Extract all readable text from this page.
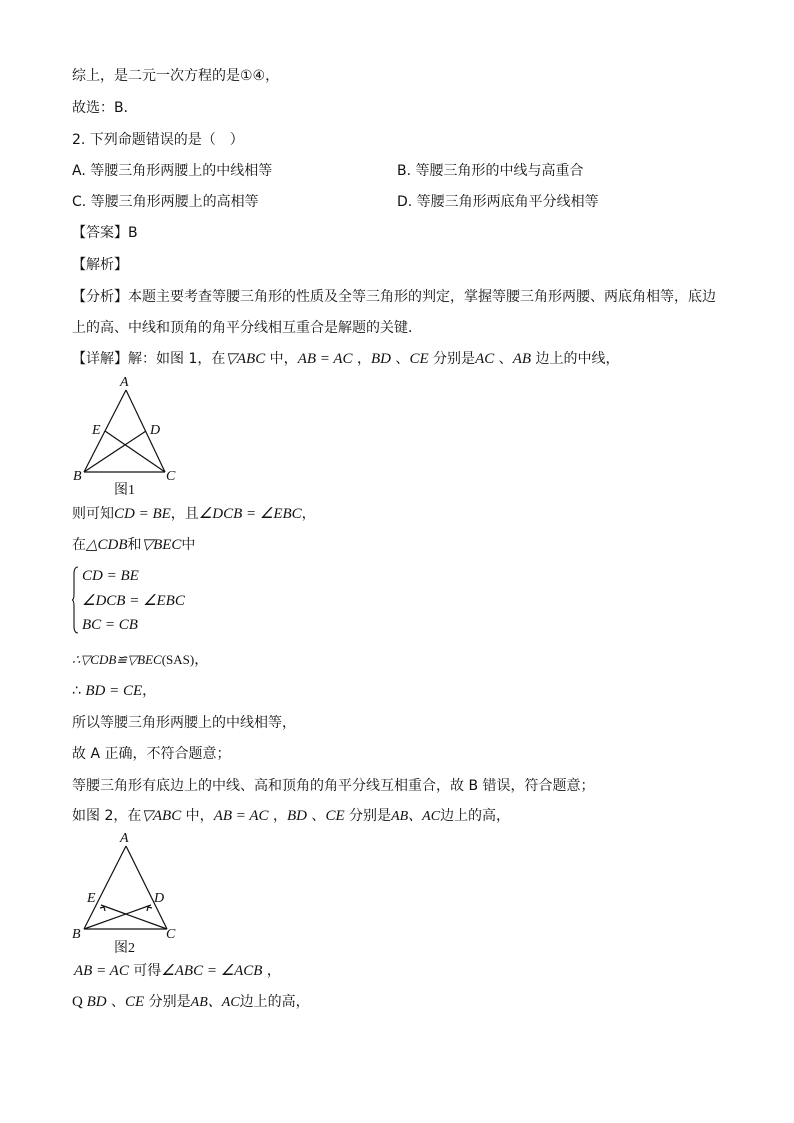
综上，是二元一次方程的是①④，
故选：B．
2. 下列命题错误的是（　）
A. 等腰三角形两腰上的中线相等	B. 等腰三角形的中线与高重合
C. 等腰三角形两腰上的高相等	D. 等腰三角形两底角平分线相等
【答案】B
【解析】
【分析】本题主要考查等腰三角形的性质及全等三角形的判定，掌握等腰三角形两腰、两底角相等，底边
上的高、中线和顶角的角平分线相互重合是解题的关键．
【详解】解：如图 1，在▽ABC 中，AB = AC ，BD 、CE 分别是AC 、AB 边上的中线，
A
E	D
B	C
图1
则可知CD = BE，且∠DCB = ∠EBC，
在△CDB和▽BEC中
CD = BE
∠DCB = ∠EBC
BC = CB
∴▽CDB≌▽BEC(SAS)，
∴ BD = CE，
所以等腰三角形两腰上的中线相等，
故 A 正确，不符合题意；
等腰三角形有底边上的中线、高和顶角的角平分线互相重合，故 B 错误，符合题意；
如图 2，在▽ABC 中，AB = AC ，BD 、CE 分别是AB、AC边上的高，
A
E	D
B	C
图2
AB = AC 可得∠ABC = ∠ACB ，
Q BD 、CE 分别是AB、AC边上的高，
